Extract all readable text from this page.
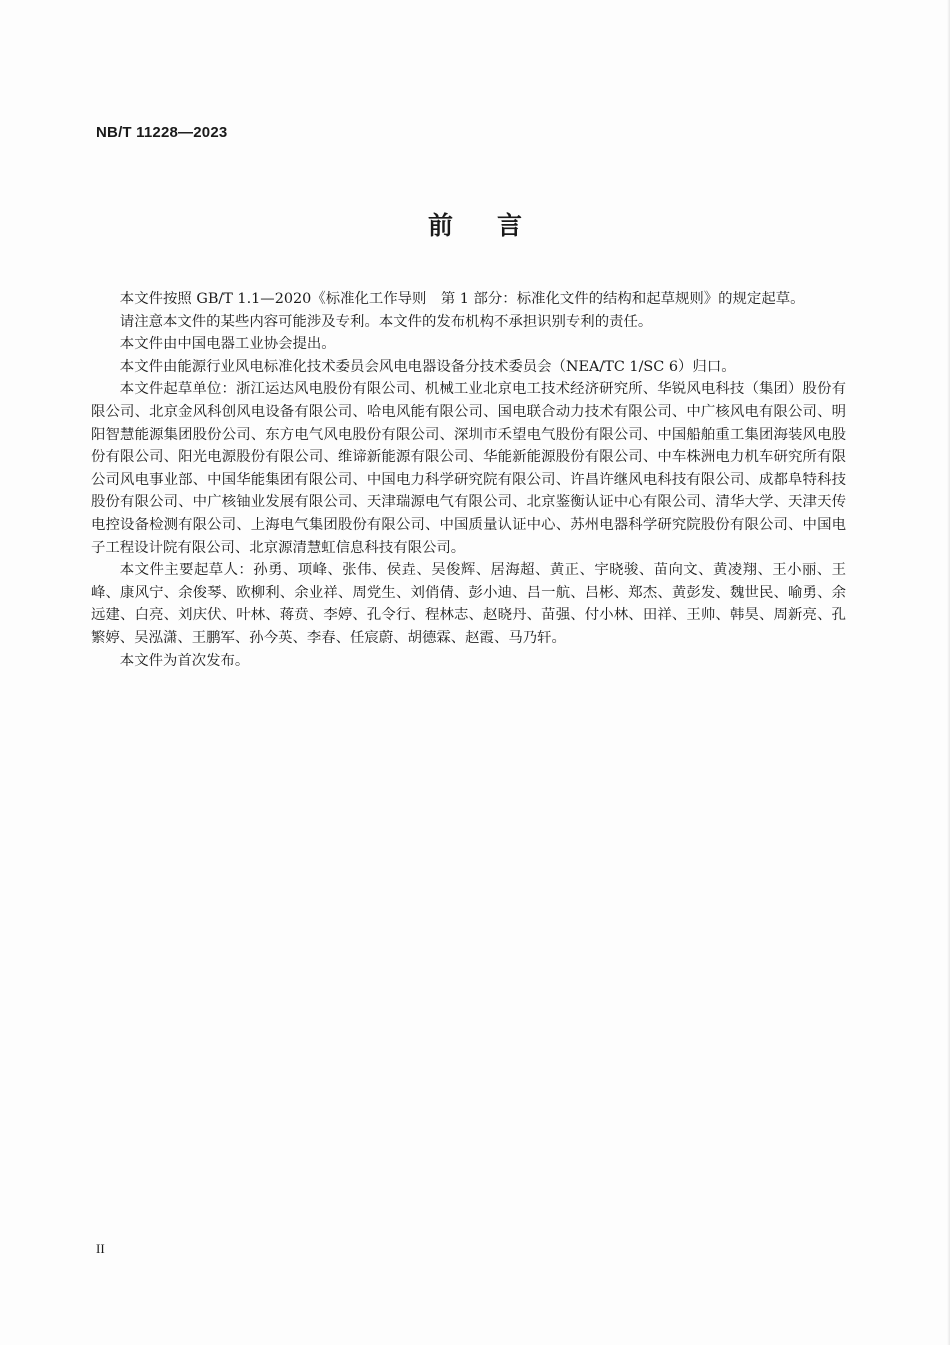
NB/T 11228—2023
前 言

本文件按照 GB/T 1.1—2020《标准化工作导则　第 1 部分：标准化文件的结构和起草规则》的规定起草。

请注意本文件的某些内容可能涉及专利。本文件的发布机构不承担识别专利的责任。

本文件由中国电器工业协会提出。

本文件由能源行业风电标准化技术委员会风电电器设备分技术委员会（NEA/TC 1/SC 6）归口。

本文件起草单位：浙江运达风电股份有限公司、机械工业北京电工技术经济研究所、华锐风电科技（集团）股份有限公司、北京金风科创风电设备有限公司、哈电风能有限公司、国电联合动力技术有限公司、中广核风电有限公司、明阳智慧能源集团股份公司、东方电气风电股份有限公司、深圳市禾望电气股份有限公司、中国船舶重工集团海装风电股份有限公司、阳光电源股份有限公司、维谛新能源有限公司、华能新能源股份有限公司、中车株洲电力机车研究所有限公司风电事业部、中国华能集团有限公司、中国电力科学研究院有限公司、许昌许继风电科技有限公司、成都阜特科技股份有限公司、中广核铀业发展有限公司、天津瑞源电气有限公司、北京鉴衡认证中心有限公司、清华大学、天津天传电控设备检测有限公司、上海电气集团股份有限公司、中国质量认证中心、苏州电器科学研究院股份有限公司、中国电子工程设计院有限公司、北京源清慧虹信息科技有限公司。

本文件主要起草人：孙勇、项峰、张伟、侯垚、吴俊辉、居海超、黄正、宇晓骏、苗向文、黄凌翔、王小丽、王峰、康风宁、余俊琴、欧柳利、余业祥、周党生、刘俏倩、彭小迪、吕一航、吕彬、郑杰、黄彭发、魏世民、喻勇、余远建、白亮、刘庆伏、叶林、蒋贲、李婷、孔令行、程林志、赵晓丹、苗强、付小林、田祥、王帅、韩昊、周新亮、孔繁婷、吴泓潇、王鹏军、孙今英、李春、任宸蔚、胡德霖、赵霞、马乃轩。

本文件为首次发布。

II
